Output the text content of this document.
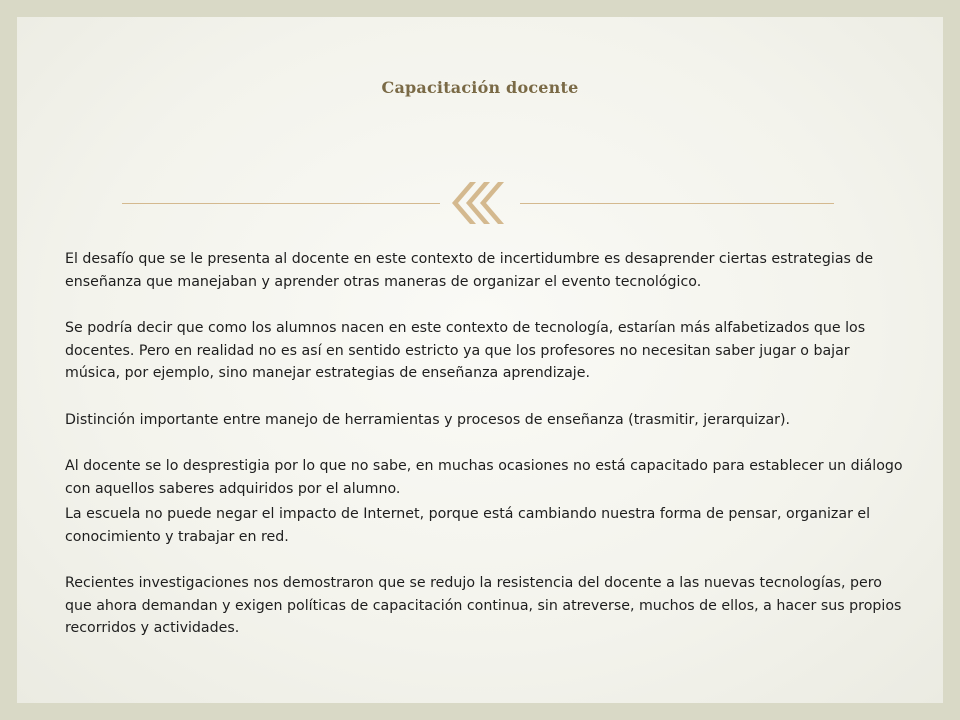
Capacitación docente

El desafío que se le presenta al docente en este contexto de incertidumbre es desaprender ciertas estrategias de enseñanza que manejaban y aprender otras maneras de organizar el evento tecnológico.

Se podría decir que como los alumnos nacen en este contexto de tecnología, estarían más alfabetizados que los docentes. Pero en realidad no es así en sentido estricto ya que los profesores no necesitan saber jugar o bajar música, por ejemplo, sino manejar estrategias de enseñanza aprendizaje.

Distinción importante entre manejo de herramientas y procesos de enseñanza (trasmitir, jerarquizar).

Al docente se lo desprestigia por lo que no sabe, en muchas ocasiones no está capacitado para establecer un diálogo con aquellos saberes adquiridos por el alumno.

La escuela no puede negar el impacto de Internet, porque está cambiando nuestra forma de pensar, organizar el conocimiento y trabajar en red.

Recientes investigaciones nos demostraron que se redujo la resistencia del docente a las nuevas tecnologías, pero que ahora demandan y exigen políticas de capacitación continua, sin atreverse, muchos de ellos, a hacer sus propios recorridos y actividades.
